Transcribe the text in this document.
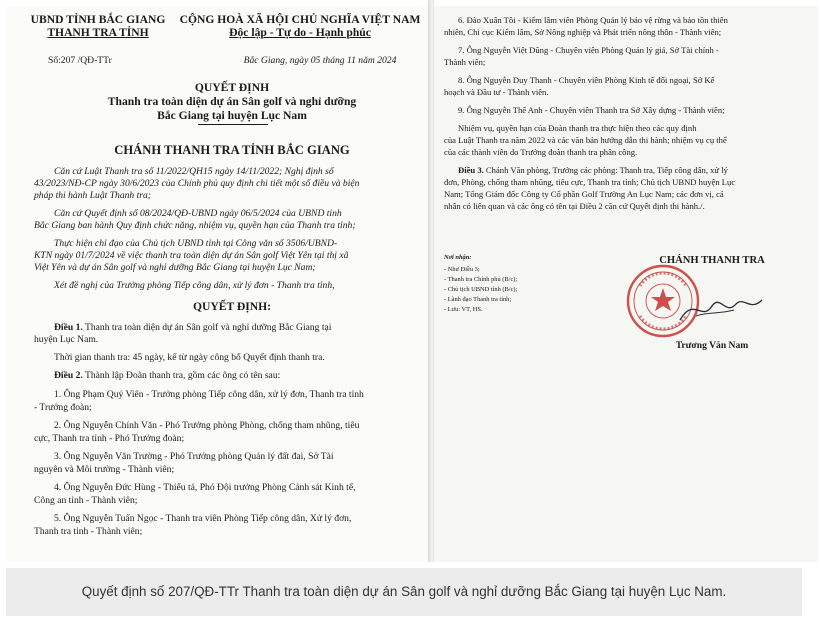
UBND TỈNH BẮC GIANG
THANH TRA TỈNH
Số:207 /QĐ-TTr
CỘNG HOÀ XÃ HỘI CHỦ NGHĨA VIỆT NAM
Độc lập - Tự do - Hạnh phúc
Bắc Giang, ngày 05 tháng 11 năm 2024
QUYẾT ĐỊNH
Thanh tra toàn diện dự án Sân golf và nghỉ dưỡng
Bắc Giang tại huyện Lục Nam
CHÁNH THANH TRA TỈNH BẮC GIANG
Căn cứ Luật Thanh tra số 11/2022/QH15 ngày 14/11/2022; Nghị định số
43/2023/NĐ-CP ngày 30/6/2023 của Chính phủ quy định chi tiết một số điều và biện
pháp thi hành Luật Thanh tra;
Căn cứ Quyết định số 08/2024/QĐ-UBND ngày 06/5/2024 của UBND tỉnh
Bắc Giang ban hành Quy định chức năng, nhiệm vụ, quyền hạn của Thanh tra tỉnh;
Thực hiện chỉ đạo của Chủ tịch UBND tỉnh tại Công văn số 3506/UBND-
KTN ngày 01/7/2024 về việc thanh tra toàn diện dự án Sân golf Việt Yên tại thị xã
Việt Yên và dự án Sân golf và nghỉ dưỡng Bắc Giang tại huyện Lục Nam;
Xét đề nghị của Trưởng phòng Tiếp công dân, xử lý đơn - Thanh tra tỉnh,
QUYẾT ĐỊNH:
Điều 1. Thanh tra toàn diện dự án Sân golf và nghỉ dưỡng Bắc Giang tại
huyện Lục Nam.
Thời gian thanh tra: 45 ngày, kể từ ngày công bố Quyết định thanh tra.
Điều 2. Thành lập Đoàn thanh tra, gồm các ông có tên sau:
1. Ông Phạm Quý Viên - Trưởng phòng Tiếp công dân, xử lý đơn, Thanh tra tỉnh
- Trưởng đoàn;
2. Ông Nguyễn Chính Văn - Phó Trưởng phòng Phòng, chống tham nhũng, tiêu
cực, Thanh tra tỉnh - Phó Trưởng đoàn;
3. Ông Nguyễn Văn Trường - Phó Trưởng phòng Quản lý đất đai, Sở Tài
nguyên và Môi trường - Thành viên;
4. Ông Nguyễn Đức Hùng - Thiếu tá, Phó Đội trưởng Phòng Cảnh sát Kinh tế,
Công an tỉnh - Thành viên;
5. Ông Nguyễn Tuấn Ngọc - Thanh tra viên Phòng Tiếp công dân, Xử lý đơn,
Thanh tra tỉnh - Thành viên;
6. Đào Xuân Tôi - Kiểm lâm viên Phòng Quản lý bảo vệ rừng và bảo tồn thiên
nhiên, Chi cục Kiểm lâm, Sở Nông nghiệp và Phát triển nông thôn - Thành viên;
7. Ông Nguyễn Việt Dũng - Chuyên viên Phòng Quản lý giá, Sở Tài chính -
Thành viên;
8. Ông Nguyễn Duy Thanh - Chuyên viên Phòng Kinh tế đối ngoại, Sở Kế
hoạch và Đầu tư - Thành viên.
9. Ông Nguyễn Thế Anh - Chuyên viên Thanh tra Sở Xây dựng - Thành viên;
Nhiệm vụ, quyền hạn của Đoàn thanh tra thực hiện theo các quy định
của Luật Thanh tra năm 2022 và các văn bản hướng dẫn thi hành; nhiệm vụ cụ thể
của các thành viên do Trưởng đoàn thanh tra phân công.
Điều 3. Chánh Văn phòng, Trưởng các phòng: Thanh tra, Tiếp công dân, xử lý
đơn, Phòng, chống tham nhũng, tiêu cực, Thanh tra tỉnh; Chủ tịch UBND huyện Lục
Nam; Tổng Giám đốc Công ty Cổ phần Golf Trường An Lục Nam; các đơn vị, cá
nhân có liên quan và các ông có tên tại Điều 2 căn cứ Quyết định thi hành./.
Nơi nhận:
- Như Điều 3;
- Thanh tra Chính phủ (B/c);
- Chủ tịch UBND tỉnh (B/c);
- Lãnh đạo Thanh tra tỉnh;
- Lưu: VT, HS.
CHÁNH THANH TRA
Trương Văn Nam
Quyết định số 207/QĐ-TTr Thanh tra toàn diện dự án Sân golf và nghỉ dưỡng Bắc Giang tại huyện Lục Nam.
